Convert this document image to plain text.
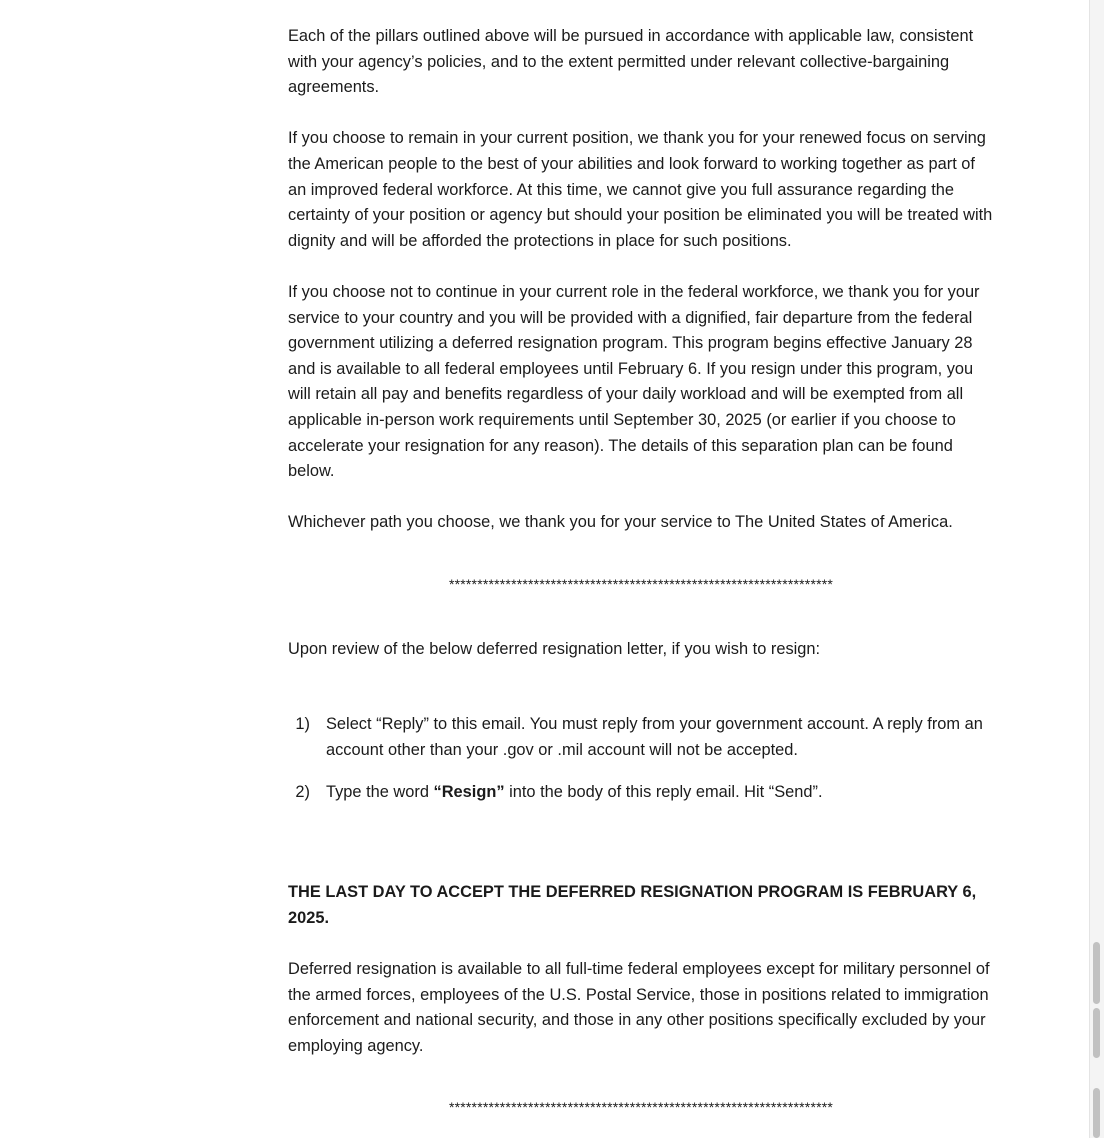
Each of the pillars outlined above will be pursued in accordance with applicable law, consistent with your agency’s policies, and to the extent permitted under relevant collective-bargaining agreements.

If you choose to remain in your current position, we thank you for your renewed focus on serving the American people to the best of your abilities and look forward to working together as part of an improved federal workforce. At this time, we cannot give you full assurance regarding the certainty of your position or agency but should your position be eliminated you will be treated with dignity and will be afforded the protections in place for such positions.

If you choose not to continue in your current role in the federal workforce, we thank you for your service to your country and you will be provided with a dignified, fair departure from the federal government utilizing a deferred resignation program. This program begins effective January 28 and is available to all federal employees until February 6. If you resign under this program, you will retain all pay and benefits regardless of your daily workload and will be exempted from all applicable in-person work requirements until September 30, 2025 (or earlier if you choose to accelerate your resignation for any reason). The details of this separation plan can be found below.

Whichever path you choose, we thank you for your service to The United States of America.

********************************************************************

Upon review of the below deferred resignation letter, if you wish to resign:

1) Select “Reply” to this email. You must reply from your government account. A reply from an account other than your .gov or .mil account will not be accepted.
2) Type the word “Resign” into the body of this reply email. Hit “Send”.

THE LAST DAY TO ACCEPT THE DEFERRED RESIGNATION PROGRAM IS FEBRUARY 6, 2025.

Deferred resignation is available to all full-time federal employees except for military personnel of the armed forces, employees of the U.S. Postal Service, those in positions related to immigration enforcement and national security, and those in any other positions specifically excluded by your employing agency.

********************************************************************
